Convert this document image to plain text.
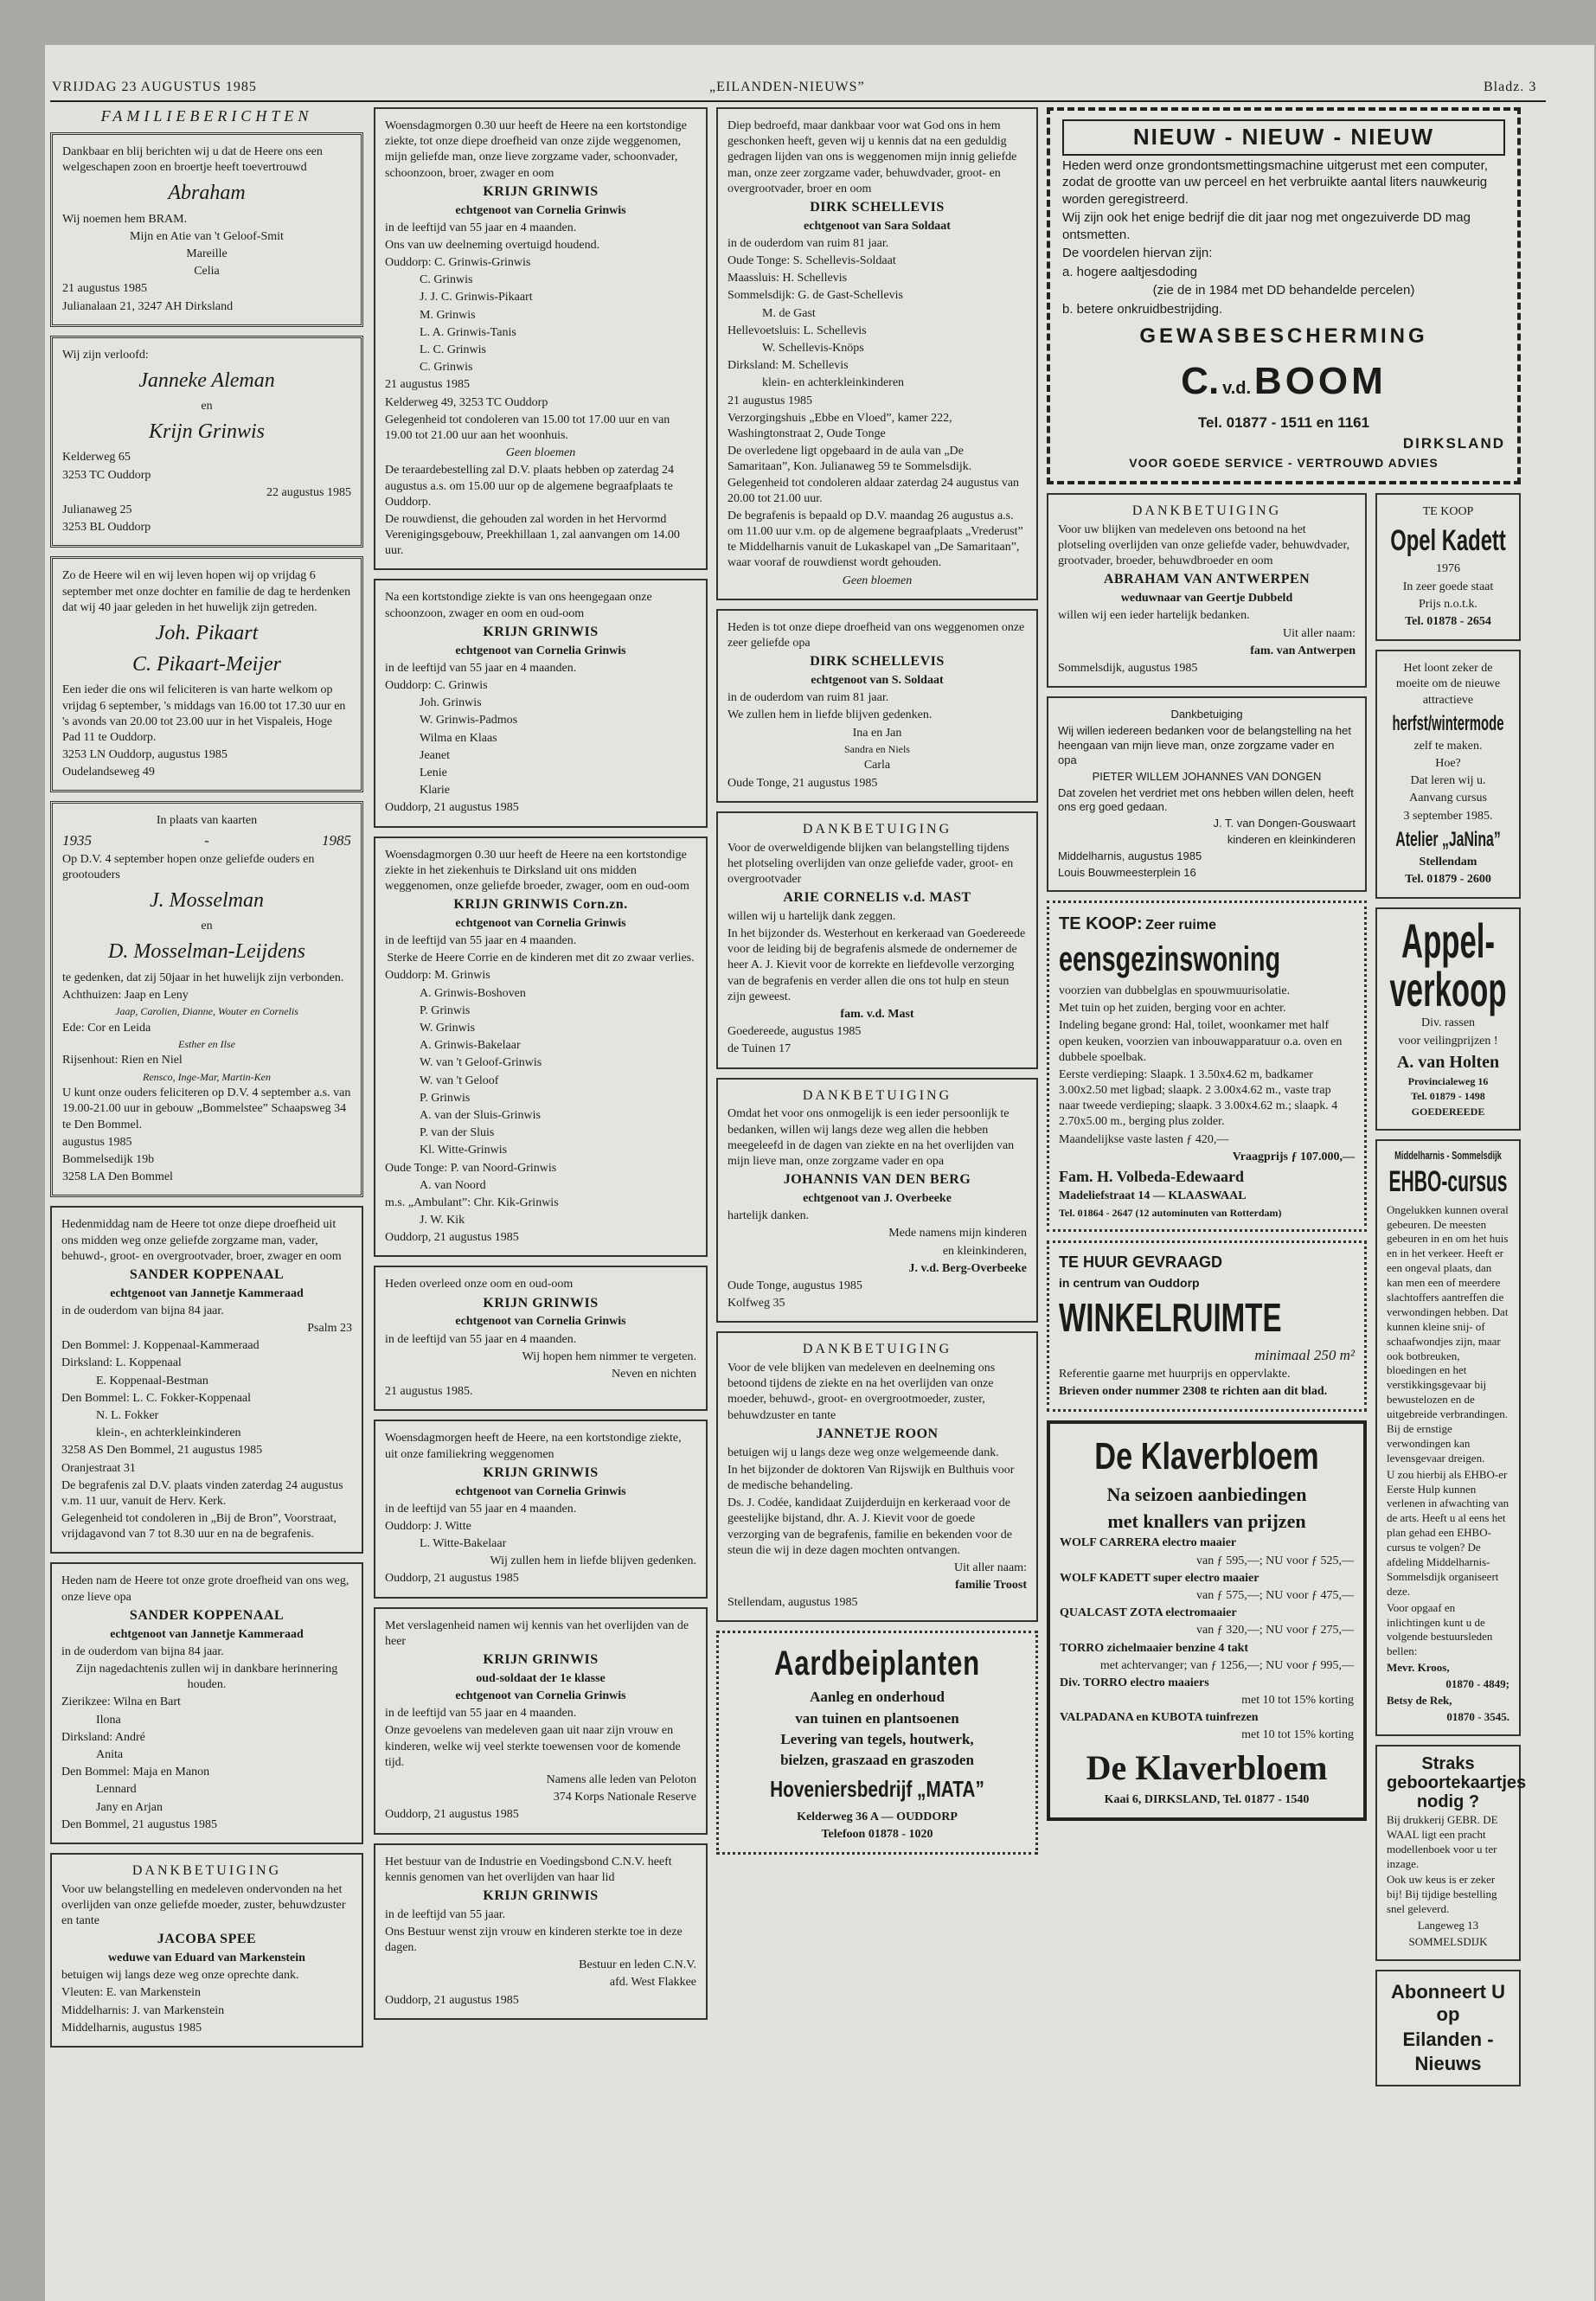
VRIJDAG 23 AUGUSTUS 1985	„EILANDEN-NIEUWS”	Bladz. 3
FAMILIEBERICHTEN

Dankbaar en blij berichten wij u dat de Heere ons een welgeschapen zoon en broertje heeft toevertrouwd

Abraham

Wij noemen hem BRAM.

Mijn en Atie van 't Geloof-Smit

Mareille

Celia

21 augustus 1985

Julianalaan 21, 3247 AH Dirksland

Wij zijn verloofd:

Janneke Aleman

en

Krijn Grinwis

Kelderweg 65

3253 TC Ouddorp

22 augustus 1985

Julianaweg 25

3253 BL Ouddorp

Zo de Heere wil en wij leven hopen wij op vrijdag 6 september met onze dochter en familie de dag te herdenken dat wij 40 jaar geleden in het huwelijk zijn getreden.

Joh. Pikaart
C. Pikaart-Meijer

Een ieder die ons wil feliciteren is van harte welkom op vrijdag 6 september, 's middags van 16.00 tot 17.30 uur en 's avonds van 20.00 tot 23.00 uur in het Vispaleis, Hoge Pad 11 te Ouddorp.

3253 LN Ouddorp, augustus 1985

Oudelandseweg 49

In plaats van kaarten

1935	-	1985

Op D.V. 4 september hopen onze geliefde ouders en grootouders

J. Mosselman

en

D. Mosselman-Leijdens

te gedenken, dat zij 50jaar in het huwelijk zijn verbonden.

Achthuizen: Jaap en Leny

Jaap, Carolien, Dianne, Wouter en Cornelis

Ede: Cor en Leida

Esther en Ilse

Rijsenhout: Rien en Niel

Rensco, Inge-Mar, Martin-Ken

U kunt onze ouders feliciteren op D.V. 4 september a.s. van 19.00-21.00 uur in gebouw „Bommelstee” Schaapsweg 34 te Den Bommel.

augustus 1985

Bommelsedijk 19b

3258 LA Den Bommel

Hedenmiddag nam de Heere tot onze diepe droefheid uit ons midden weg onze geliefde zorgzame man, vader, behuwd-, groot- en overgrootvader, broer, zwager en oom

SANDER KOPPENAAL

echtgenoot van Jannetje Kammeraad

in de ouderdom van bijna 84 jaar.

Psalm 23

Den Bommel: J. Koppenaal-Kammeraad

Dirksland: L. Koppenaal

E. Koppenaal-Bestman

Den Bommel: L. C. Fokker-Koppenaal

N. L. Fokker

klein-, en achterkleinkinderen

3258 AS Den Bommel, 21 augustus 1985

Oranjestraat 31

De begrafenis zal D.V. plaats vinden zaterdag 24 augustus v.m. 11 uur, vanuit de Herv. Kerk.

Gelegenheid tot condoleren in „Bij de Bron”, Voorstraat, vrijdagavond van 7 tot 8.30 uur en na de begrafenis.

Heden nam de Heere tot onze grote droefheid van ons weg, onze lieve opa

SANDER KOPPENAAL

echtgenoot van Jannetje Kammeraad

in de ouderdom van bijna 84 jaar.

Zijn nagedachtenis zullen wij in dankbare herinnering houden.

Zierikzee: Wilna en Bart

Ilona

Dirksland: André

Anita

Den Bommel: Maja en Manon

Lennard

Jany en Arjan

Den Bommel, 21 augustus 1985

DANKBETUIGING

Voor uw belangstelling en medeleven ondervonden na het overlijden van onze geliefde moeder, zuster, behuwdzuster en tante

JACOBA SPEE

weduwe van Eduard van Markenstein

betuigen wij langs deze weg onze oprechte dank.

Vleuten: E. van Markenstein

Middelharnis: J. van Markenstein

Middelharnis, augustus 1985

Woensdagmorgen 0.30 uur heeft de Heere na een kortstondige ziekte, tot onze diepe droefheid van onze zijde weggenomen, mijn geliefde man, onze lieve zorgzame vader, schoonvader, schoonzoon, broer, zwager en oom

KRIJN GRINWIS

echtgenoot van Cornelia Grinwis

in de leeftijd van 55 jaar en 4 maanden.

Ons van uw deelneming overtuigd houdend.

Ouddorp: C. Grinwis-Grinwis

C. Grinwis

J. J. C. Grinwis-Pikaart

M. Grinwis

L. A. Grinwis-Tanis

L. C. Grinwis

C. Grinwis

21 augustus 1985

Kelderweg 49, 3253 TC Ouddorp

Gelegenheid tot condoleren van 15.00 tot 17.00 uur en van 19.00 tot 21.00 uur aan het woonhuis.

Geen bloemen

De teraardebestelling zal D.V. plaats hebben op zaterdag 24 augustus a.s. om 15.00 uur op de algemene begraafplaats te Ouddorp.

De rouwdienst, die gehouden zal worden in het Hervormd Verenigingsgebouw, Preekhillaan 1, zal aanvangen om 14.00 uur.

Na een kortstondige ziekte is van ons heengegaan onze schoonzoon, zwager en oom en oud-oom

KRIJN GRINWIS

echtgenoot van Cornelia Grinwis

in de leeftijd van 55 jaar en 4 maanden.

Ouddorp: C. Grinwis

Joh. Grinwis

W. Grinwis-Padmos

Wilma en Klaas

Jeanet

Lenie

Klarie

Ouddorp, 21 augustus 1985

Woensdagmorgen 0.30 uur heeft de Heere na een kortstondige ziekte in het ziekenhuis te Dirksland uit ons midden weggenomen, onze geliefde broeder, zwager, oom en oud-oom

KRIJN GRINWIS Corn.zn.

echtgenoot van Cornelia Grinwis

in de leeftijd van 55 jaar en 4 maanden.

Sterke de Heere Corrie en de kinderen met dit zo zwaar verlies.

Ouddorp: M. Grinwis

A. Grinwis-Boshoven

P. Grinwis

W. Grinwis

A. Grinwis-Bakelaar

W. van 't Geloof-Grinwis

W. van 't Geloof

P. Grinwis

A. van der Sluis-Grinwis

P. van der Sluis

Kl. Witte-Grinwis

Oude Tonge: P. van Noord-Grinwis

A. van Noord

m.s. „Ambulant”: Chr. Kik-Grinwis

J. W. Kik

Ouddorp, 21 augustus 1985

Heden overleed onze oom en oud-oom

KRIJN GRINWIS

echtgenoot van Cornelia Grinwis

in de leeftijd van 55 jaar en 4 maanden.

Wij hopen hem nimmer te vergeten.

Neven en nichten

21 augustus 1985.

Woensdagmorgen heeft de Heere, na een kortstondige ziekte, uit onze familiekring weggenomen

KRIJN GRINWIS

echtgenoot van Cornelia Grinwis

in de leeftijd van 55 jaar en 4 maanden.

Ouddorp: J. Witte

L. Witte-Bakelaar

Wij zullen hem in liefde blijven gedenken.

Ouddorp, 21 augustus 1985

Met verslagenheid namen wij kennis van het overlijden van de heer

KRIJN GRINWIS

oud-soldaat der 1e klasse

echtgenoot van Cornelia Grinwis

in de leeftijd van 55 jaar en 4 maanden.

Onze gevoelens van medeleven gaan uit naar zijn vrouw en kinderen, welke wij veel sterkte toewensen voor de komende tijd.

Namens alle leden van Peloton

374 Korps Nationale Reserve

Ouddorp, 21 augustus 1985

Het bestuur van de Industrie en Voedingsbond C.N.V. heeft kennis genomen van het overlijden van haar lid

KRIJN GRINWIS

in de leeftijd van 55 jaar.

Ons Bestuur wenst zijn vrouw en kinderen sterkte toe in deze dagen.

Bestuur en leden C.N.V.

afd. West Flakkee

Ouddorp, 21 augustus 1985

Diep bedroefd, maar dankbaar voor wat God ons in hem geschonken heeft, geven wij u kennis dat na een geduldig gedragen lijden van ons is weggenomen mijn innig geliefde man, onze zeer zorgzame vader, behuwdvader, groot- en overgrootvader, broer en oom

DIRK SCHELLEVIS

echtgenoot van Sara Soldaat

in de ouderdom van ruim 81 jaar.

Oude Tonge: S. Schellevis-Soldaat

Maassluis: H. Schellevis

Sommelsdijk: G. de Gast-Schellevis

M. de Gast

Hellevoetsluis: L. Schellevis

W. Schellevis-Knöps

Dirksland: M. Schellevis

klein- en achterkleinkinderen

21 augustus 1985

Verzorgingshuis „Ebbe en Vloed”, kamer 222, Washingtonstraat 2, Oude Tonge

De overledene ligt opgebaard in de aula van „De Samaritaan”, Kon. Julianaweg 59 te Sommelsdijk. Gelegenheid tot condoleren aldaar zaterdag 24 augustus van 20.00 tot 21.00 uur.

De begrafenis is bepaald op D.V. maandag 26 augustus a.s. om 11.00 uur v.m. op de algemene begraafplaats „Vrederust” te Middelharnis vanuit de Lukaskapel van „De Samaritaan”, waar vooraf de rouwdienst wordt gehouden.

Geen bloemen

Heden is tot onze diepe droefheid van ons weggenomen onze zeer geliefde opa

DIRK SCHELLEVIS

echtgenoot van S. Soldaat

in de ouderdom van ruim 81 jaar.

We zullen hem in liefde blijven gedenken.

Ina en Jan

Sandra en Niels

Carla

Oude Tonge, 21 augustus 1985

DANKBETUIGING

Voor de overweldigende blijken van belangstelling tijdens het plotseling overlijden van onze geliefde vader, groot- en overgrootvader

ARIE CORNELIS v.d. MAST

willen wij u hartelijk dank zeggen.

In het bijzonder ds. Westerhout en kerkeraad van Goedereede voor de leiding bij de begrafenis alsmede de ondernemer de heer A. J. Kievit voor de korrekte en liefdevolle verzorging van de begrafenis en verder allen die ons tot hulp en steun zijn geweest.

fam. v.d. Mast

Goedereede, augustus 1985

de Tuinen 17

DANKBETUIGING

Omdat het voor ons onmogelijk is een ieder persoonlijk te bedanken, willen wij langs deze weg allen die hebben meegeleefd in de dagen van ziekte en na het overlijden van mijn lieve man, onze zorgzame vader en opa

JOHANNIS VAN DEN BERG

echtgenoot van J. Overbeeke

hartelijk danken.

Mede namens mijn kinderen

en kleinkinderen,

J. v.d. Berg-Overbeeke

Oude Tonge, augustus 1985

Kolfweg 35

DANKBETUIGING

Voor de vele blijken van medeleven en deelneming ons betoond tijdens de ziekte en na het overlijden van onze moeder, behuwd-, groot- en overgrootmoeder, zuster, behuwdzuster en tante

JANNETJE ROON

betuigen wij u langs deze weg onze welgemeende dank.

In het bijzonder de doktoren Van Rijswijk en Bulthuis voor de medische behandeling.

Ds. J. Codée, kandidaat Zuijderduijn en kerkeraad voor de geestelijke bijstand, dhr. A. J. Kievit voor de goede verzorging van de begrafenis, familie en bekenden voor de steun die wij in deze dagen mochten ontvangen.

Uit aller naam:

familie Troost

Stellendam, augustus 1985

Aardbeiplanten

Aanleg en onderhoud

van tuinen en plantsoenen

Levering van tegels, houtwerk,

bielzen, graszaad en graszoden

Hoveniersbedrijf „MATA”

Kelderweg 36 A — OUDDORP

Telefoon 01878 - 1020

NIEUW - NIEUW - NIEUW

Heden werd onze grondontsmettingsmachine uitgerust met een computer, zodat de grootte van uw perceel en het verbruikte aantal liters nauwkeurig worden geregistreerd.

Wij zijn ook het enige bedrijf die dit jaar nog met ongezuiverde DD mag ontsmetten.

De voordelen hiervan zijn:

a. hogere aaltjesdoding

(zie de in 1984 met DD behandelde percelen)

b. betere onkruidbestrijding.

GEWASBESCHERMING
C. v.d. BOOM

Tel. 01877 - 1511 en 1161

DIRKSLAND

VOOR GOEDE SERVICE - VERTROUWD ADVIES

DANKBETUIGING

Voor uw blijken van medeleven ons betoond na het plotseling overlijden van onze geliefde vader, behuwdvader, grootvader, broeder, behuwdbroeder en oom

ABRAHAM VAN ANTWERPEN

weduwnaar van Geertje Dubbeld

willen wij een ieder hartelijk bedanken.

Uit aller naam:

fam. van Antwerpen

Sommelsdijk, augustus 1985

Dankbetuiging

Wij willen iedereen bedanken voor de belangstelling na het heengaan van mijn lieve man, onze zorgzame vader en opa

PIETER WILLEM JOHANNES VAN DONGEN

Dat zovelen het verdriet met ons hebben willen delen, heeft ons erg goed gedaan.

J. T. van Dongen-Gouswaart

kinderen en kleinkinderen

Middelharnis, augustus 1985

Louis Bouwmeesterplein 16

TE KOOP: Zeer ruime

eensgezinswoning

voorzien van dubbelglas en spouwmuurisolatie.

Met tuin op het zuiden, berging voor en achter.

Indeling begane grond: Hal, toilet, woonkamer met half open keuken, voorzien van inbouwapparatuur o.a. oven en dubbele spoelbak.

Eerste verdieping: Slaapk. 1 3.50x4.62 m, badkamer 3.00x2.50 met ligbad; slaapk. 2 3.00x4.62 m., vaste trap naar tweede verdieping; slaapk. 3 3.00x4.62 m.; slaapk. 4 2.70x5.00 m., berging plus zolder.

Maandelijkse vaste lasten ƒ 420,—

Vraagprijs ƒ 107.000,—

Fam. H. Volbeda-Edewaard

Madeliefstraat 14 — KLAASWAAL

Tel. 01864 - 2647 (12 autominuten van Rotterdam)

TE HUUR GEVRAAGD

in centrum van Ouddorp

WINKELRUIMTE

minimaal 250 m²

Referentie gaarne met huurprijs en oppervlakte.

Brieven onder nummer 2308 te richten aan dit blad.

De Klaverbloem

Na seizoen aanbiedingen

met knallers van prijzen

WOLF CARRERA electro maaier

van ƒ 595,—; NU voor ƒ 525,—

WOLF KADETT super electro maaier

van ƒ 575,—; NU voor ƒ 475,—

QUALCAST ZOTA electromaaier

van ƒ 320,—; NU voor ƒ 275,—

TORRO zichelmaaier benzine 4 takt

met achtervanger; van ƒ 1256,—; NU voor ƒ 995,—

Div. TORRO electro maaiers

met 10 tot 15% korting

VALPADANA en KUBOTA tuinfrezen

met 10 tot 15% korting

De Klaverbloem

Kaai 6, DIRKSLAND, Tel. 01877 - 1540

TE KOOP

Opel Kadett

1976

In zeer goede staat

Prijs n.o.t.k.

Tel. 01878 - 2654

Het loont zeker de moeite om de nieuwe attractieve

herfst/wintermode

zelf te maken.

Hoe?

Dat leren wij u.

Aanvang cursus

3 september 1985.

Atelier „JaNina”

Stellendam

Tel. 01879 - 2600

Appel-
verkoop

Div. rassen

voor veilingprijzen !

A. van Holten

Provincialeweg 16

Tel. 01879 - 1498

GOEDEREEDE

Middelharnis - Sommelsdijk
EHBO-cursus

Ongelukken kunnen overal gebeuren. De meesten gebeuren in en om het huis en in het verkeer. Heeft er een ongeval plaats, dan kan men een of meerdere slachtoffers aantreffen die verwondingen hebben. Dat kunnen kleine snij- of schaafwondjes zijn, maar ook botbreuken, bloedingen en het verstikkingsgevaar bij bewustelozen en de uitgebreide verbrandingen. Bij de ernstige verwondingen kan levensgevaar dreigen.

U zou hierbij als EHBO-er Eerste Hulp kunnen verlenen in afwachting van de arts. Heeft u al eens het plan gehad een EHBO-cursus te volgen? De afdeling Middelharnis-Sommelsdijk organiseert deze.

Voor opgaaf en inlichtingen kunt u de volgende bestuursleden bellen:

Mevr. Kroos,

01870 - 4849;

Betsy de Rek,

01870 - 3545.

Straks geboortekaartjes nodig ?

Bij drukkerij GEBR. DE WAAL ligt een pracht modellenboek voor u ter inzage.

Ook uw keus is er zeker bij! Bij tijdige bestelling snel geleverd.

Langeweg 13

SOMMELSDIJK

Abonneert U op

Eilanden -

Nieuws
